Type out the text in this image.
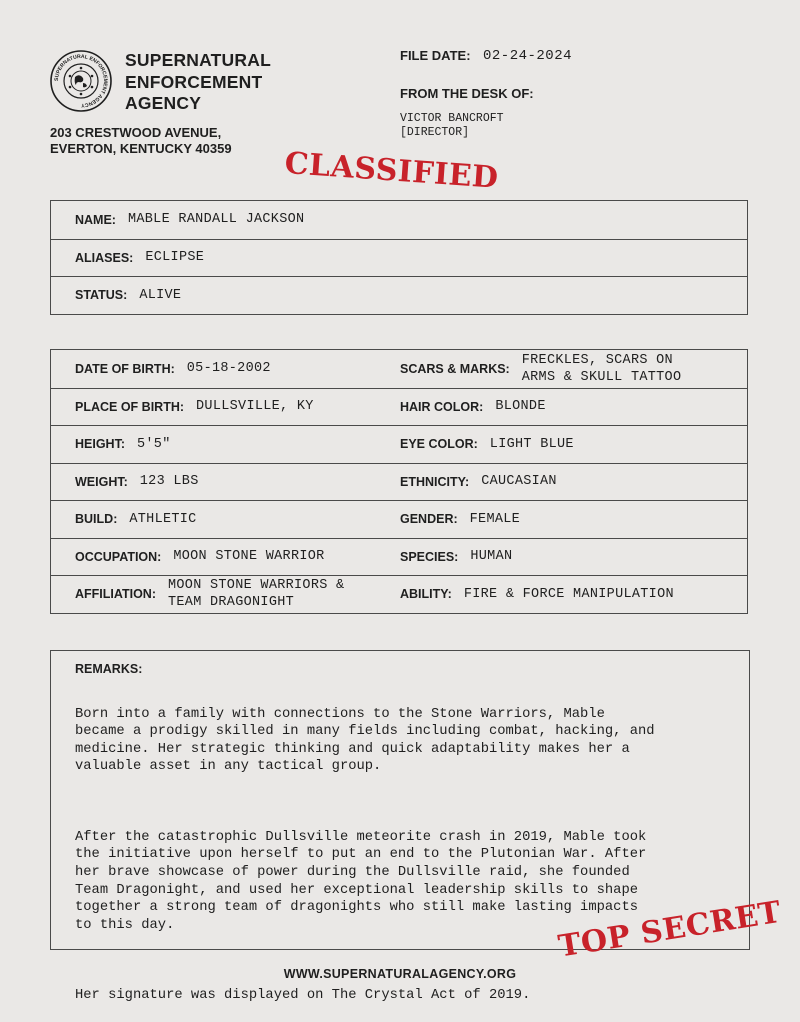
SUPERNATURAL ENFORCEMENT AGENCY
SUPERNATURAL
ENFORCEMENT
AGENCY
203 CRESTWOOD AVENUE,
EVERTON, KENTUCKY 40359
FILE DATE: 02-24-2024
FROM THE DESK OF:
VICTOR BANCROFT
[DIRECTOR]
CLASSIFIED
NAME: MABLE RANDALL JACKSON
ALIASES: ECLIPSE
STATUS: ALIVE
DATE OF BIRTH: 05-18-2002	SCARS & MARKS:
FRECKLES, SCARS ON
ARMS & SKULL TATTOO
PLACE OF BIRTH: DULLSVILLE, KY	HAIR COLOR: BLONDE
HEIGHT: 5'5"	EYE COLOR: LIGHT BLUE
WEIGHT: 123 LBS	ETHNICITY: CAUCASIAN
BUILD: ATHLETIC	GENDER: FEMALE
OCCUPATION: MOON STONE WARRIOR	SPECIES: HUMAN
AFFILIATION:
MOON STONE WARRIORS &
TEAM DRAGONIGHT
ABILITY: FIRE & FORCE MANIPULATION
REMARKS:

Born into a family with connections to the Stone Warriors, Mable
became a prodigy skilled in many fields including combat, hacking, and
medicine. Her strategic thinking and quick adaptability makes her a
valuable asset in any tactical group.

After the catastrophic Dullsville meteorite crash in 2019, Mable took
the initiative upon herself to put an end to the Plutonian War. After
her brave showcase of power during the Dullsville raid, she founded
Team Dragonight, and used her exceptional leadership skills to shape
together a strong team of dragonights who still make lasting impacts
to this day.

Her signature was displayed on The Crystal Act of 2019.

TOP SECRET
WWW.SUPERNATURALAGENCY.ORG
